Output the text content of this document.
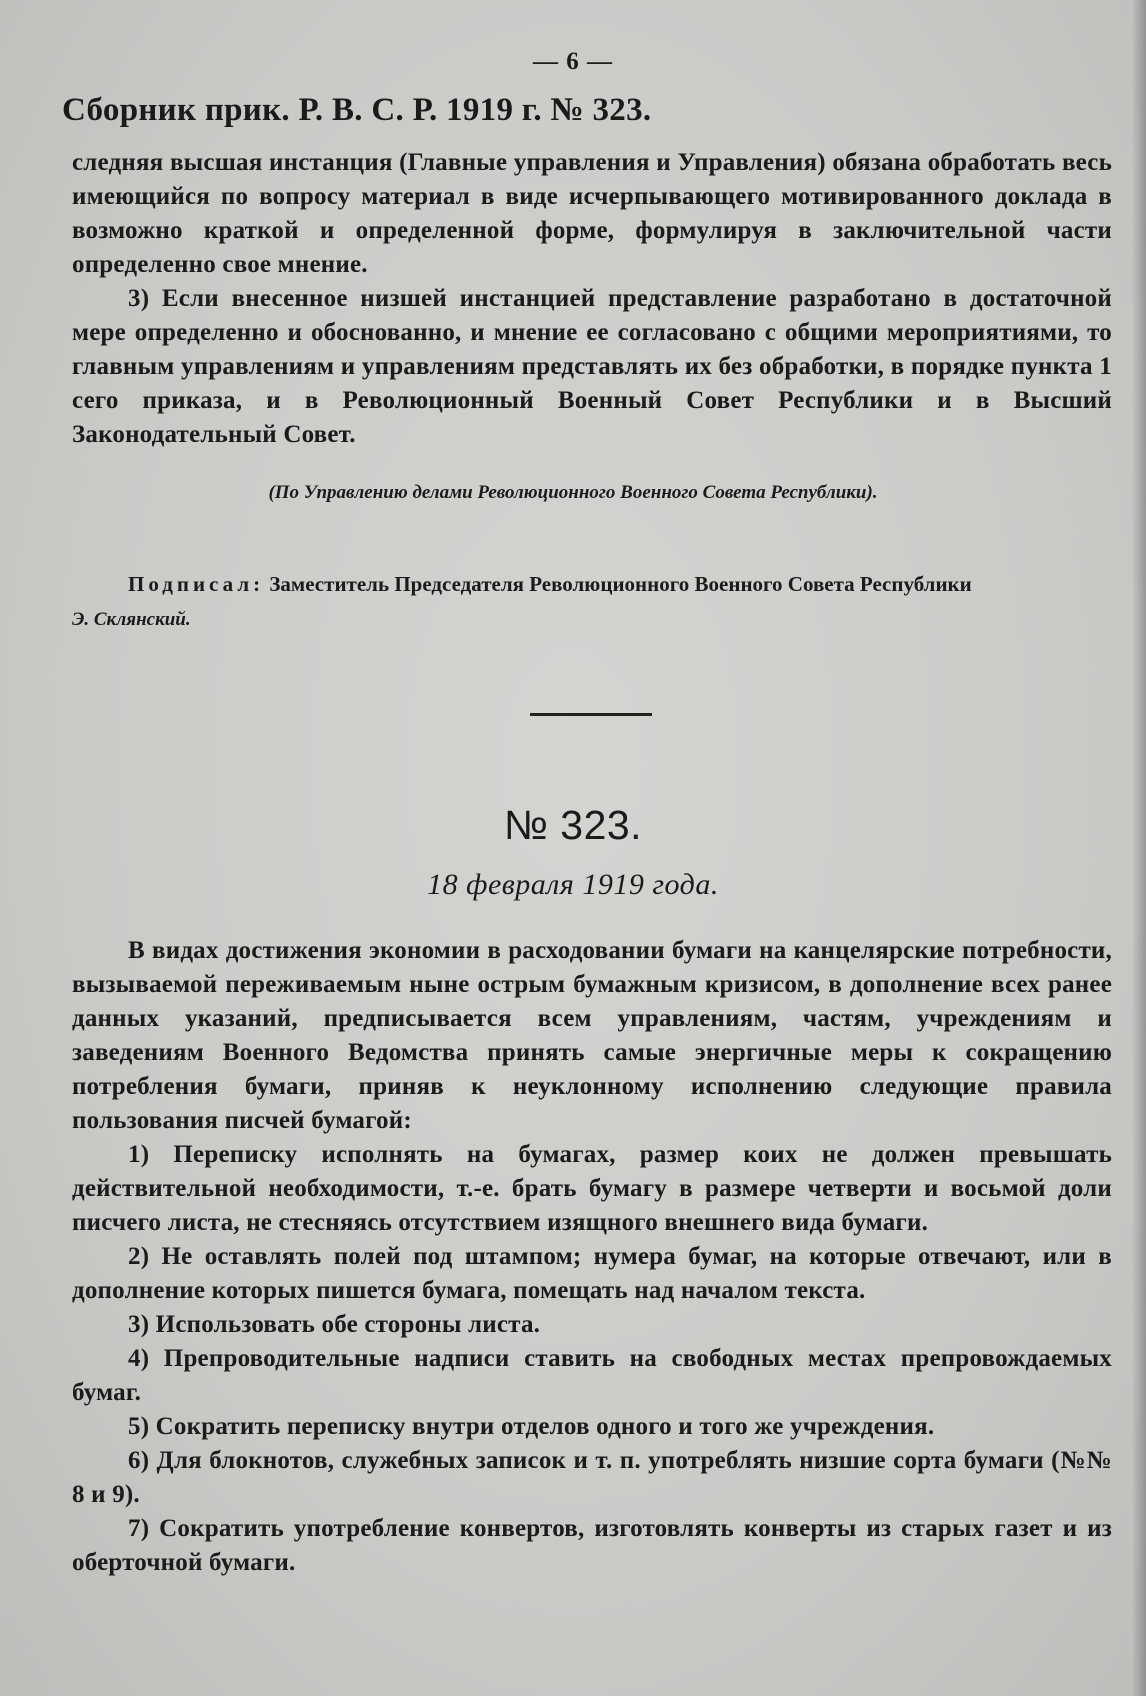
— 6 —
Сборник прик. Р. В. С. Р. 1919 г. № 323.

следняя высшая инстанция (Главные управления и Управления) обязана обработать весь имеющийся по вопросу материал в виде исчерпывающего мотивированного доклада в возможно краткой и определенной форме, формулируя в заключительной части определенно свое мнение.

3) Если внесенное низшей инстанцией представление разработано в достаточной мере определенно и обоснованно, и мнение ее согласовано с общими мероприятиями, то главным управлениям и управлениям представлять их без обработки, в порядке пункта 1 сего приказа, и в Революционный Военный Совет Республики и в Высший Законодательный Совет.

(По Управлению делами Революционного Военного Совета Республики).
Подписал: Заместитель Председателя Революционного Военного Совета Республики
Э. Склянский.
№ 323.
18 февраля 1919 года.

В видах достижения экономии в расходовании бумаги на канцелярские потребности, вызываемой переживаемым ныне острым бумажным кризисом, в дополнение всех ранее данных указаний, предписывается всем управлениям, частям, учреждениям и заведениям Военного Ведомства принять самые энергичные меры к сокращению потребления бумаги, приняв к неуклонному исполнению следующие правила пользования писчей бумагой:

1) Переписку исполнять на бумагах, размер коих не должен превышать действительной необходимости, т.-е. брать бумагу в размере четверти и восьмой доли писчего листа, не стесняясь отсутствием изящного внешнего вида бумаги.

2) Не оставлять полей под штампом; нумера бумаг, на которые отвечают, или в дополнение которых пишется бумага, помещать над началом текста.

3) Использовать обе стороны листа.

4) Препроводительные надписи ставить на свободных местах препровождаемых бумаг.

5) Сократить переписку внутри отделов одного и того же учреждения.

6) Для блокнотов, служебных записок и т. п. употреблять низшие сорта бумаги (№№ 8 и 9).

7) Сократить употребление конвертов, изготовлять конверты из старых газет и из оберточной бумаги.
